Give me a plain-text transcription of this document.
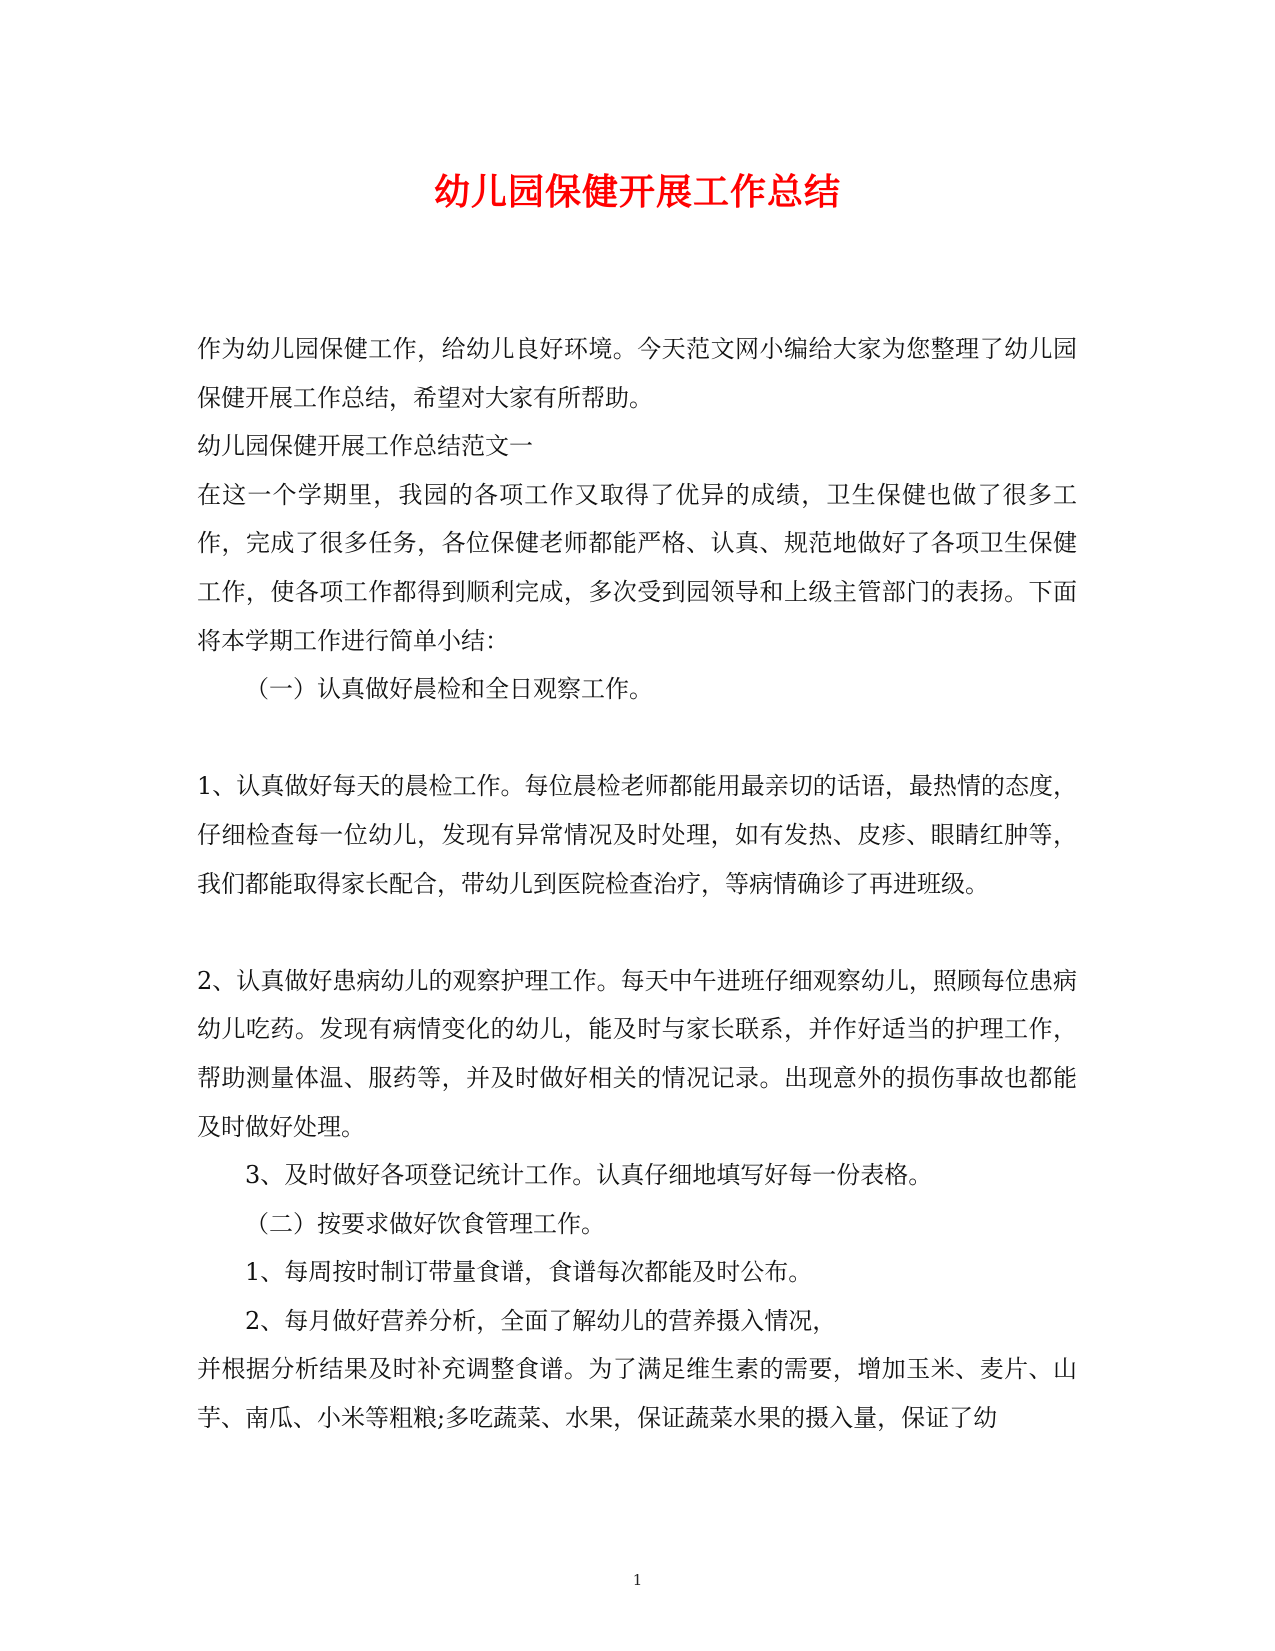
幼儿园保健开展工作总结

作为幼儿园保健工作，给幼儿良好环境。今天范文网小编给大家为您整理了幼儿园保健开展工作总结，希望对大家有所帮助。

幼儿园保健开展工作总结范文一

在这一个学期里，我园的各项工作又取得了优异的成绩，卫生保健也做了很多工作，完成了很多任务，各位保健老师都能严格、认真、规范地做好了各项卫生保健工作，使各项工作都得到顺利完成，多次受到园领导和上级主管部门的表扬。下面将本学期工作进行简单小结：

（一）认真做好晨检和全日观察工作。

1、认真做好每天的晨检工作。每位晨检老师都能用最亲切的话语，最热情的态度，仔细检查每一位幼儿，发现有异常情况及时处理，如有发热、皮疹、眼睛红肿等，我们都能取得家长配合，带幼儿到医院检查治疗，等病情确诊了再进班级。

2、认真做好患病幼儿的观察护理工作。每天中午进班仔细观察幼儿，照顾每位患病幼儿吃药。发现有病情变化的幼儿，能及时与家长联系，并作好适当的护理工作，帮助测量体温、服药等，并及时做好相关的情况记录。出现意外的损伤事故也都能及时做好处理。

3、及时做好各项登记统计工作。认真仔细地填写好每一份表格。

（二）按要求做好饮食管理工作。

1、每周按时制订带量食谱，食谱每次都能及时公布。

2、每月做好营养分析，全面了解幼儿的营养摄入情况，

并根据分析结果及时补充调整食谱。为了满足维生素的需要，增加玉米、麦片、山芋、南瓜、小米等粗粮;多吃蔬菜、水果，保证蔬菜水果的摄入量，保证了幼

1
